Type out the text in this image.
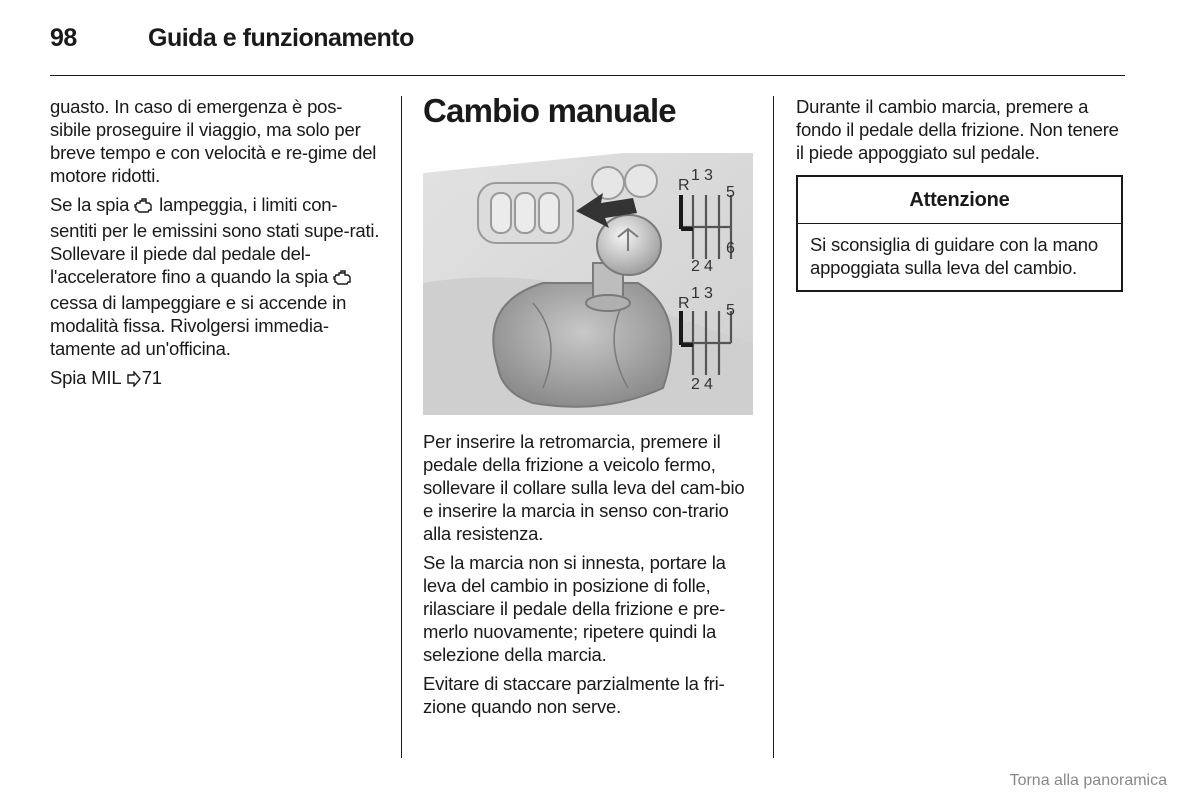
98	Guida e funzionamento

guasto. In caso di emergenza è pos-sibile proseguire il viaggio, ma solo per breve tempo e con velocità e re-gime del motore ridotti.

Se la spia  lampeggia, i limiti con-sentiti per le emissini sono stati supe-rati. Sollevare il piede dal pedale del-l'acceleratore fino a quando la spia  cessa di lampeggiare e si accende in modalità fissa. Rivolgersi immedia-tamente ad un'officina.

Spia MIL 71

Cambio manuale
R
1 3
5
6
2 4
R
1 3
5
2 4

Per inserire la retromarcia, premere il pedale della frizione a veicolo fermo, sollevare il collare sulla leva del cam-bio e inserire la marcia in senso con-trario alla resistenza.

Se la marcia non si innesta, portare la leva del cambio in posizione di folle, rilasciare il pedale della frizione e pre-merlo nuovamente; ripetere quindi la selezione della marcia.

Evitare di staccare parzialmente la fri-zione quando non serve.

Durante il cambio marcia, premere a fondo il pedale della frizione. Non tenere il piede appoggiato sul pedale.

Attenzione
Si sconsiglia di guidare con la mano appoggiata sulla leva del cambio.
Torna alla panoramica
